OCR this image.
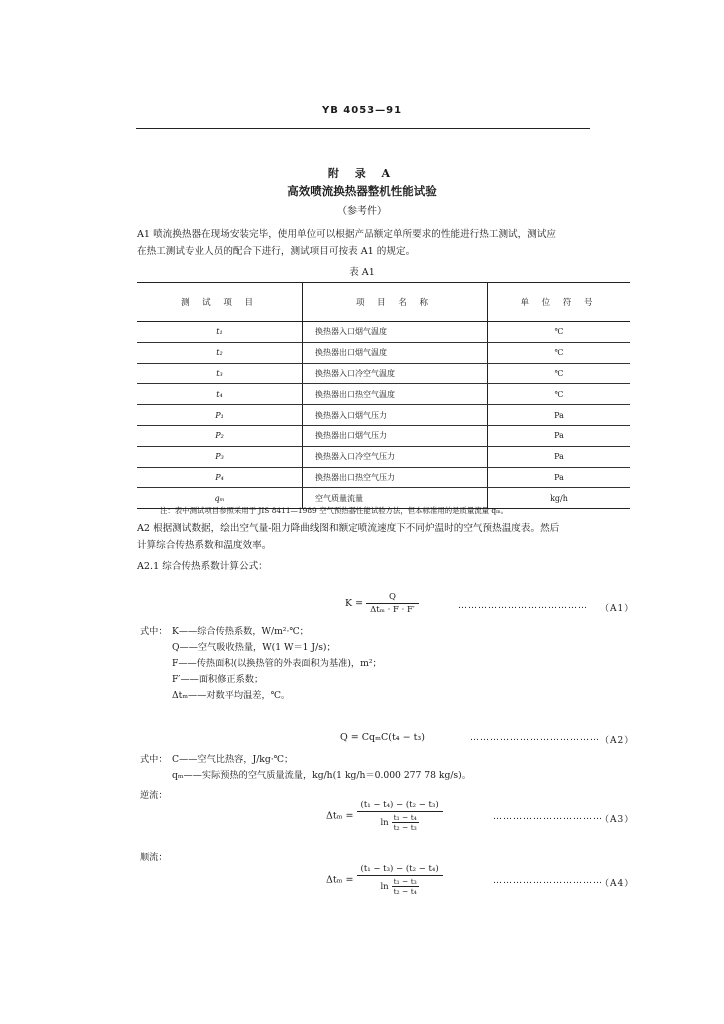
YB 4053—91
附 录 A
高效喷流换热器整机性能试验
（参考件）
A1 喷流换热器在现场安装完毕，使用单位可以根据产品额定单所要求的性能进行热工测试，测试应
在热工测试专业人员的配合下进行，测试项目可按表 A1 的规定。
表 A1
测 试 项 目	项 目 名 称	单 位 符 号
t₁	换热器入口烟气温度	℃
t₂	换热器出口烟气温度	℃
t₃	换热器入口冷空气温度	℃
t₄	换热器出口热空气温度	℃
P₁	换热器入口烟气压力	Pa
P₂	换热器出口烟气压力	Pa
P₃	换热器入口冷空气压力	Pa
P₄	换热器出口热空气压力	Pa
qₘ	空气质量流量	kg/h
注：表中测试项目参照采用于 JIS 8411—1989 空气预热器性能试验方法，但本标准用的是质量流量 qₘ。
A2 根据测试数据，绘出空气量-阻力降曲线图和额定喷流速度下不同炉温时的空气预热温度表。然后
计算综合传热系数和温度效率。
A2.1 综合传热系数计算公式：
$K = \frac{Q}{\text{Δtₘ · F · F′}}$	………………………………… （A1）
式中： K——综合传热系数，W/m²·℃；
Q——空气吸收热量，W(1 W＝1 J/s)；
F——传热面积(以换热管的外表面积为基准)，m²；
F′——面积修正系数；
Δtₘ——对数平均温差，℃。
Q = CqₘC(t₄ − t₃)	………………………………… （A2）
式中： C——空气比热容，J/kg·℃；
qₘ——实际预热的空气质量流量，kg/h(1 kg/h＝0.000 277 78 kg/s)。
逆流：
$\Delta t_m = \frac{\text{(t₁ − t₄) − (t₂ − t₃)}}{\ln \frac{\text{t₁ − t₄}}{\text{t₂ − t₃}}}$	……………………………
（A3）
顺流：
$\Delta t_m = \frac{\text{(t₁ − t₃) − (t₂ − t₄)}}{\ln \frac{\text{t₁ − t₃}}{\text{t₂ − t₄}}}$	……………………………
（A4）
